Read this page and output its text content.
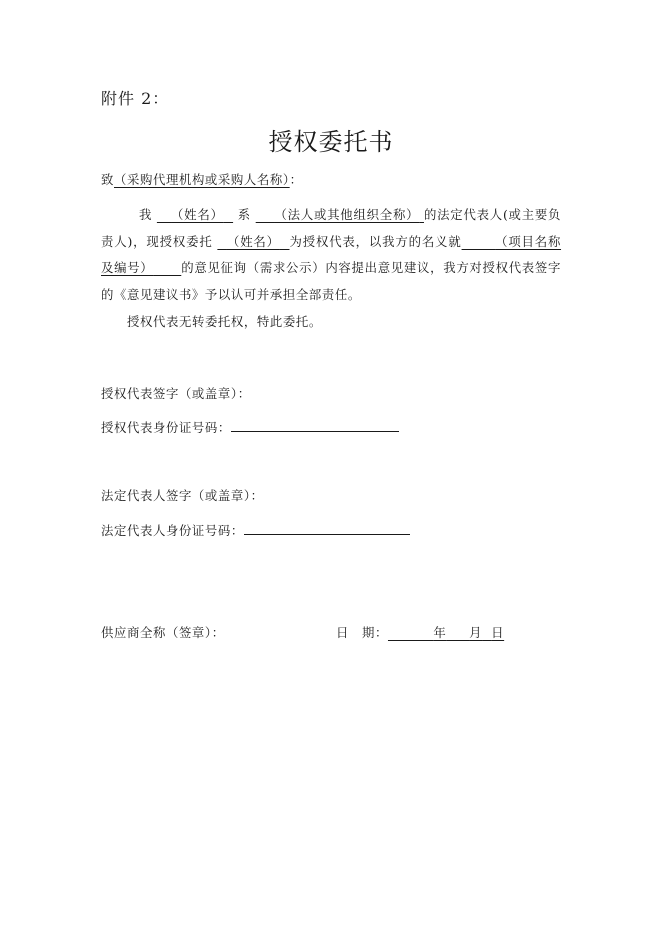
附件 2：
授权委托书
致（采购代理机构或采购人名称）：
我 （姓名） 系 （法人或其他组织全称） 的法定代表人(或主要负责人)，现授权委托 （姓名） 为授权代表，以我方的名义就	（项目名称及编号） 的意见征询（需求公示）内容提出意见建议，我方对授权代表签字的《意见建议书》予以认可并承担全部责任。
授权代表无转委托权，特此委托。
授权代表签字（或盖章）：
授权代表身份证号码：
法定代表人签字（或盖章）：
法定代表人身份证号码：
供应商全称（签章）：	日　期：	年 月 日
